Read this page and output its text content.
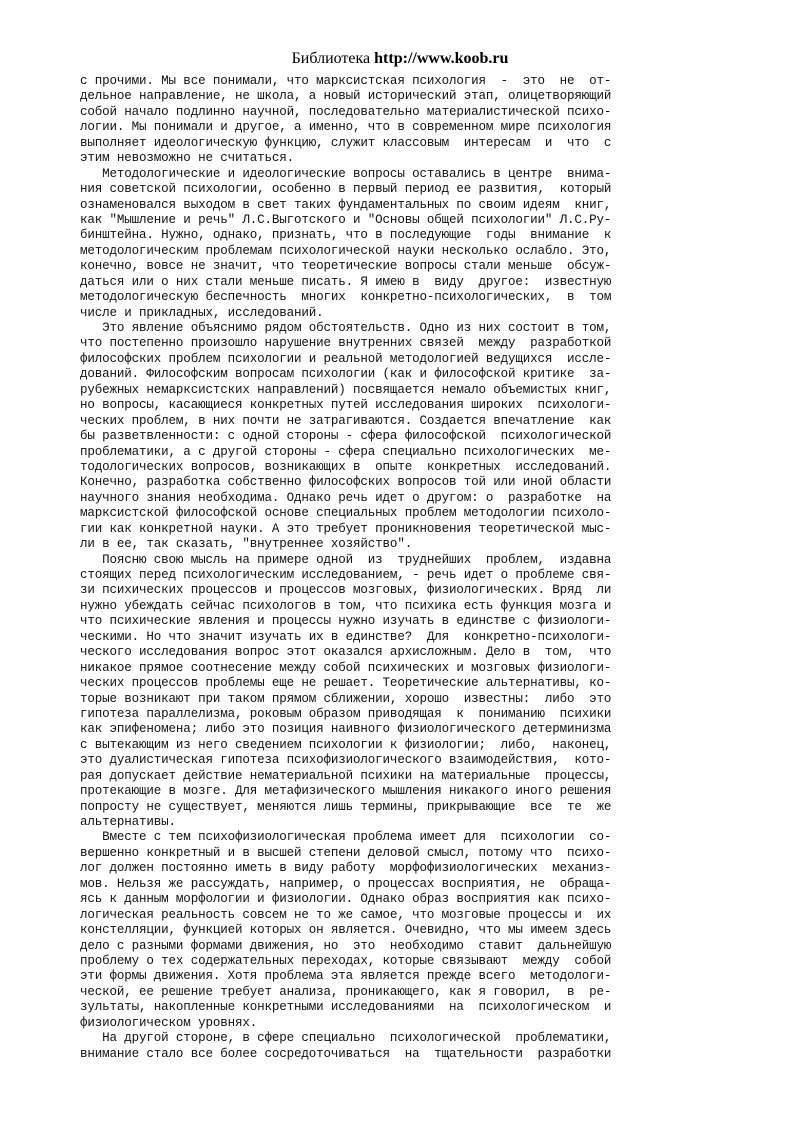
Библиотека http://www.koob.ru
с прочими. Мы все понимали, что марксистская психология  -  это  не  от-
дельное направление, не школа, а новый исторический этап, олицетворяющий
собой начало подлинно научной, последовательно материалистической психо-
логии. Мы понимали и другое, а именно, что в современном мире психология
выполняет идеологическую функцию, служит классовым  интересам  и  что  с
этим невозможно не считаться.
Методологические и идеологические вопросы оставались в центре  внима-
ния советской психологии, особенно в первый период ее развития,  который
ознаменовался выходом в свет таких фундаментальных по своим идеям  книг,
как "Мышление и речь" Л.С.Выготского и "Основы общей психологии" Л.С.Ру-
бинштейна. Нужно, однако, признать, что в последующие  годы  внимание  к
методологическим проблемам психологической науки несколько ослабло. Это,
конечно, вовсе не значит, что теоретические вопросы стали меньше  обсуж-
даться или о них стали меньше писать. Я имею в  виду  другое:  известную
методологическую беспечность  многих  конкретно-психологических,  в  том
числе и прикладных, исследований.
Это явление объяснимо рядом обстоятельств. Одно из них состоит в том,
что постепенно произошло нарушение внутренних связей  между  разработкой
философских проблем психологии и реальной методологией ведущихся  иссле-
дований. Философским вопросам психологии (как и философской критике  за-
рубежных немарксистских направлений) посвящается немало объемистых книг,
но вопросы, касающиеся конкретных путей исследования широких  психологи-
ческих проблем, в них почти не затрагиваются. Создается впечатление  как
бы разветвленности: с одной стороны - сфера философской  психологической
проблематики, а с другой стороны - сфера специально психологических  ме-
тодологических вопросов, возникающих в  опыте  конкретных  исследований.
Конечно, разработка собственно философских вопросов той или иной области
научного знания необходима. Однако речь идет о другом: о  разработке  на
марксистской философской основе специальных проблем методологии психоло-
гии как конкретной науки. А это требует проникновения теоретической мыс-
ли в ее, так сказать, "внутреннее хозяйство".
Поясню свою мысль на примере одной  из  труднейших  проблем,  издавна
стоящих перед психологическим исследованием, - речь идет о проблеме свя-
зи психических процессов и процессов мозговых, физиологических. Вряд  ли
нужно убеждать сейчас психологов в том, что психика есть функция мозга и
что психические явления и процессы нужно изучать в единстве с физиологи-
ческими. Но что значит изучать их в единстве?  Для  конкретно-психологи-
ческого исследования вопрос этот оказался архисложным. Дело в  том,  что
никакое прямое соотнесение между собой психических и мозговых физиологи-
ческих процессов проблемы еще не решает. Теоретические альтернативы, ко-
торые возникают при таком прямом сближении, хорошо  известны:  либо  это
гипотеза параллелизма, роковым образом приводящая  к  пониманию  психики
как эпифеномена; либо это позиция наивного физиологического детерминизма
с вытекающим из него сведением психологии к физиологии;  либо,  наконец,
это дуалистическая гипотеза психофизиологического взаимодействия,  кото-
рая допускает действие нематериальной психики на материальные  процессы,
протекающие в мозге. Для метафизического мышления никакого иного решения
попросту не существует, меняются лишь термины, прикрывающие  все  те  же
альтернативы.
Вместе с тем психофизиологическая проблема имеет для  психологии  со-
вершенно конкретный и в высшей степени деловой смысл, потому что  психо-
лог должен постоянно иметь в виду работу  морфофизиологических  механиз-
мов. Нельзя же рассуждать, например, о процессах восприятия, не  обраща-
ясь к данным морфологии и физиологии. Однако образ восприятия как психо-
логическая реальность совсем не то же самое, что мозговые процессы и  их
констелляции, функцией которых он является. Очевидно, что мы имеем здесь
дело с разными формами движения, но  это  необходимо  ставит  дальнейшую
проблему о тех содержательных переходах, которые связывают  между  собой
эти формы движения. Хотя проблема эта является прежде всего  методологи-
ческой, ее решение требует анализа, проникающего, как я говорил,  в  ре-
зультаты, накопленные конкретными исследованиями  на  психологическом  и
физиологическом уровнях.
На другой стороне, в сфере специально  психологической  проблематики,
внимание стало все более сосредоточиваться  на  тщательности  разработки
